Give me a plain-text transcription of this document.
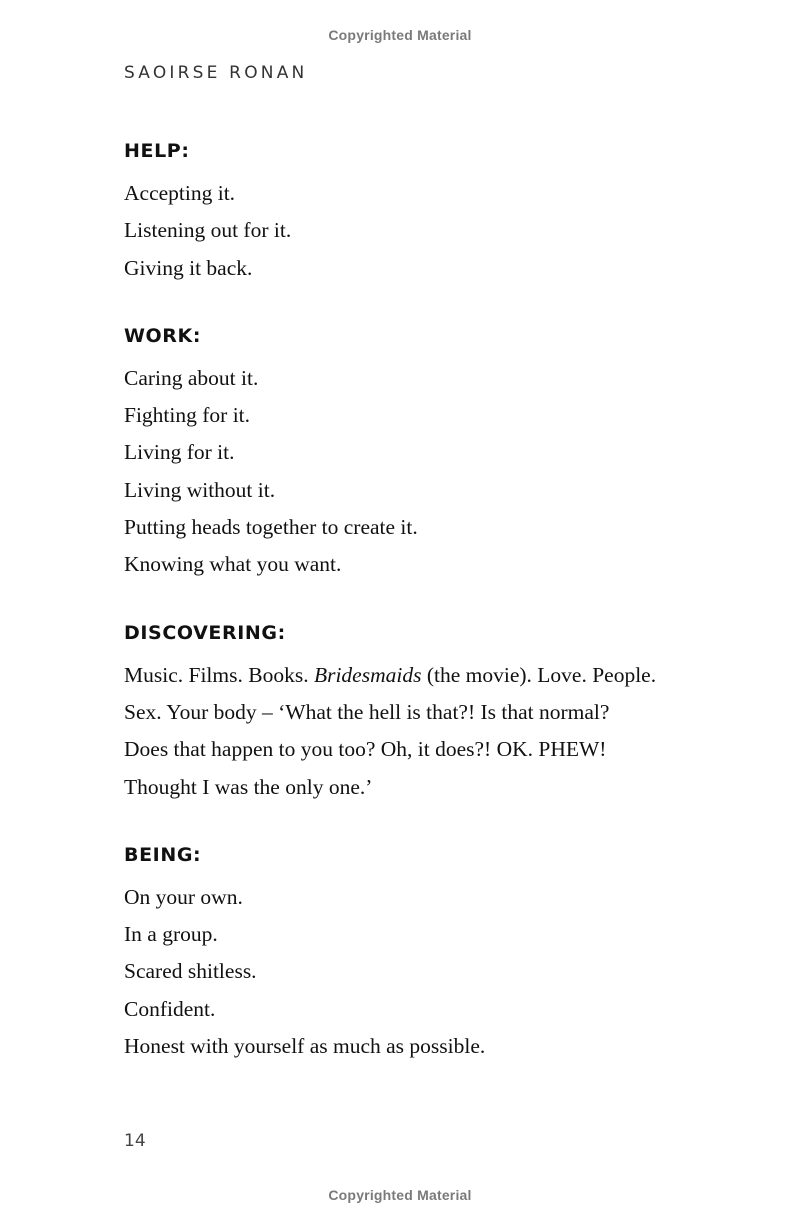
Copyrighted Material
SAOIRSE RONAN
HELP:
Accepting it.
Listening out for it.
Giving it back.
WORK:
Caring about it.
Fighting for it.
Living for it.
Living without it.
Putting heads together to create it.
Knowing what you want.
DISCOVERING:
Music. Films. Books. Bridesmaids (the movie). Love. People.
Sex. Your body – ‘What the hell is that?! Is that normal?
Does that happen to you too? Oh, it does?! OK. PHEW!
Thought I was the only one.’
BEING:
On your own.
In a group.
Scared shitless.
Confident.
Honest with yourself as much as possible.
14
Copyrighted Material
